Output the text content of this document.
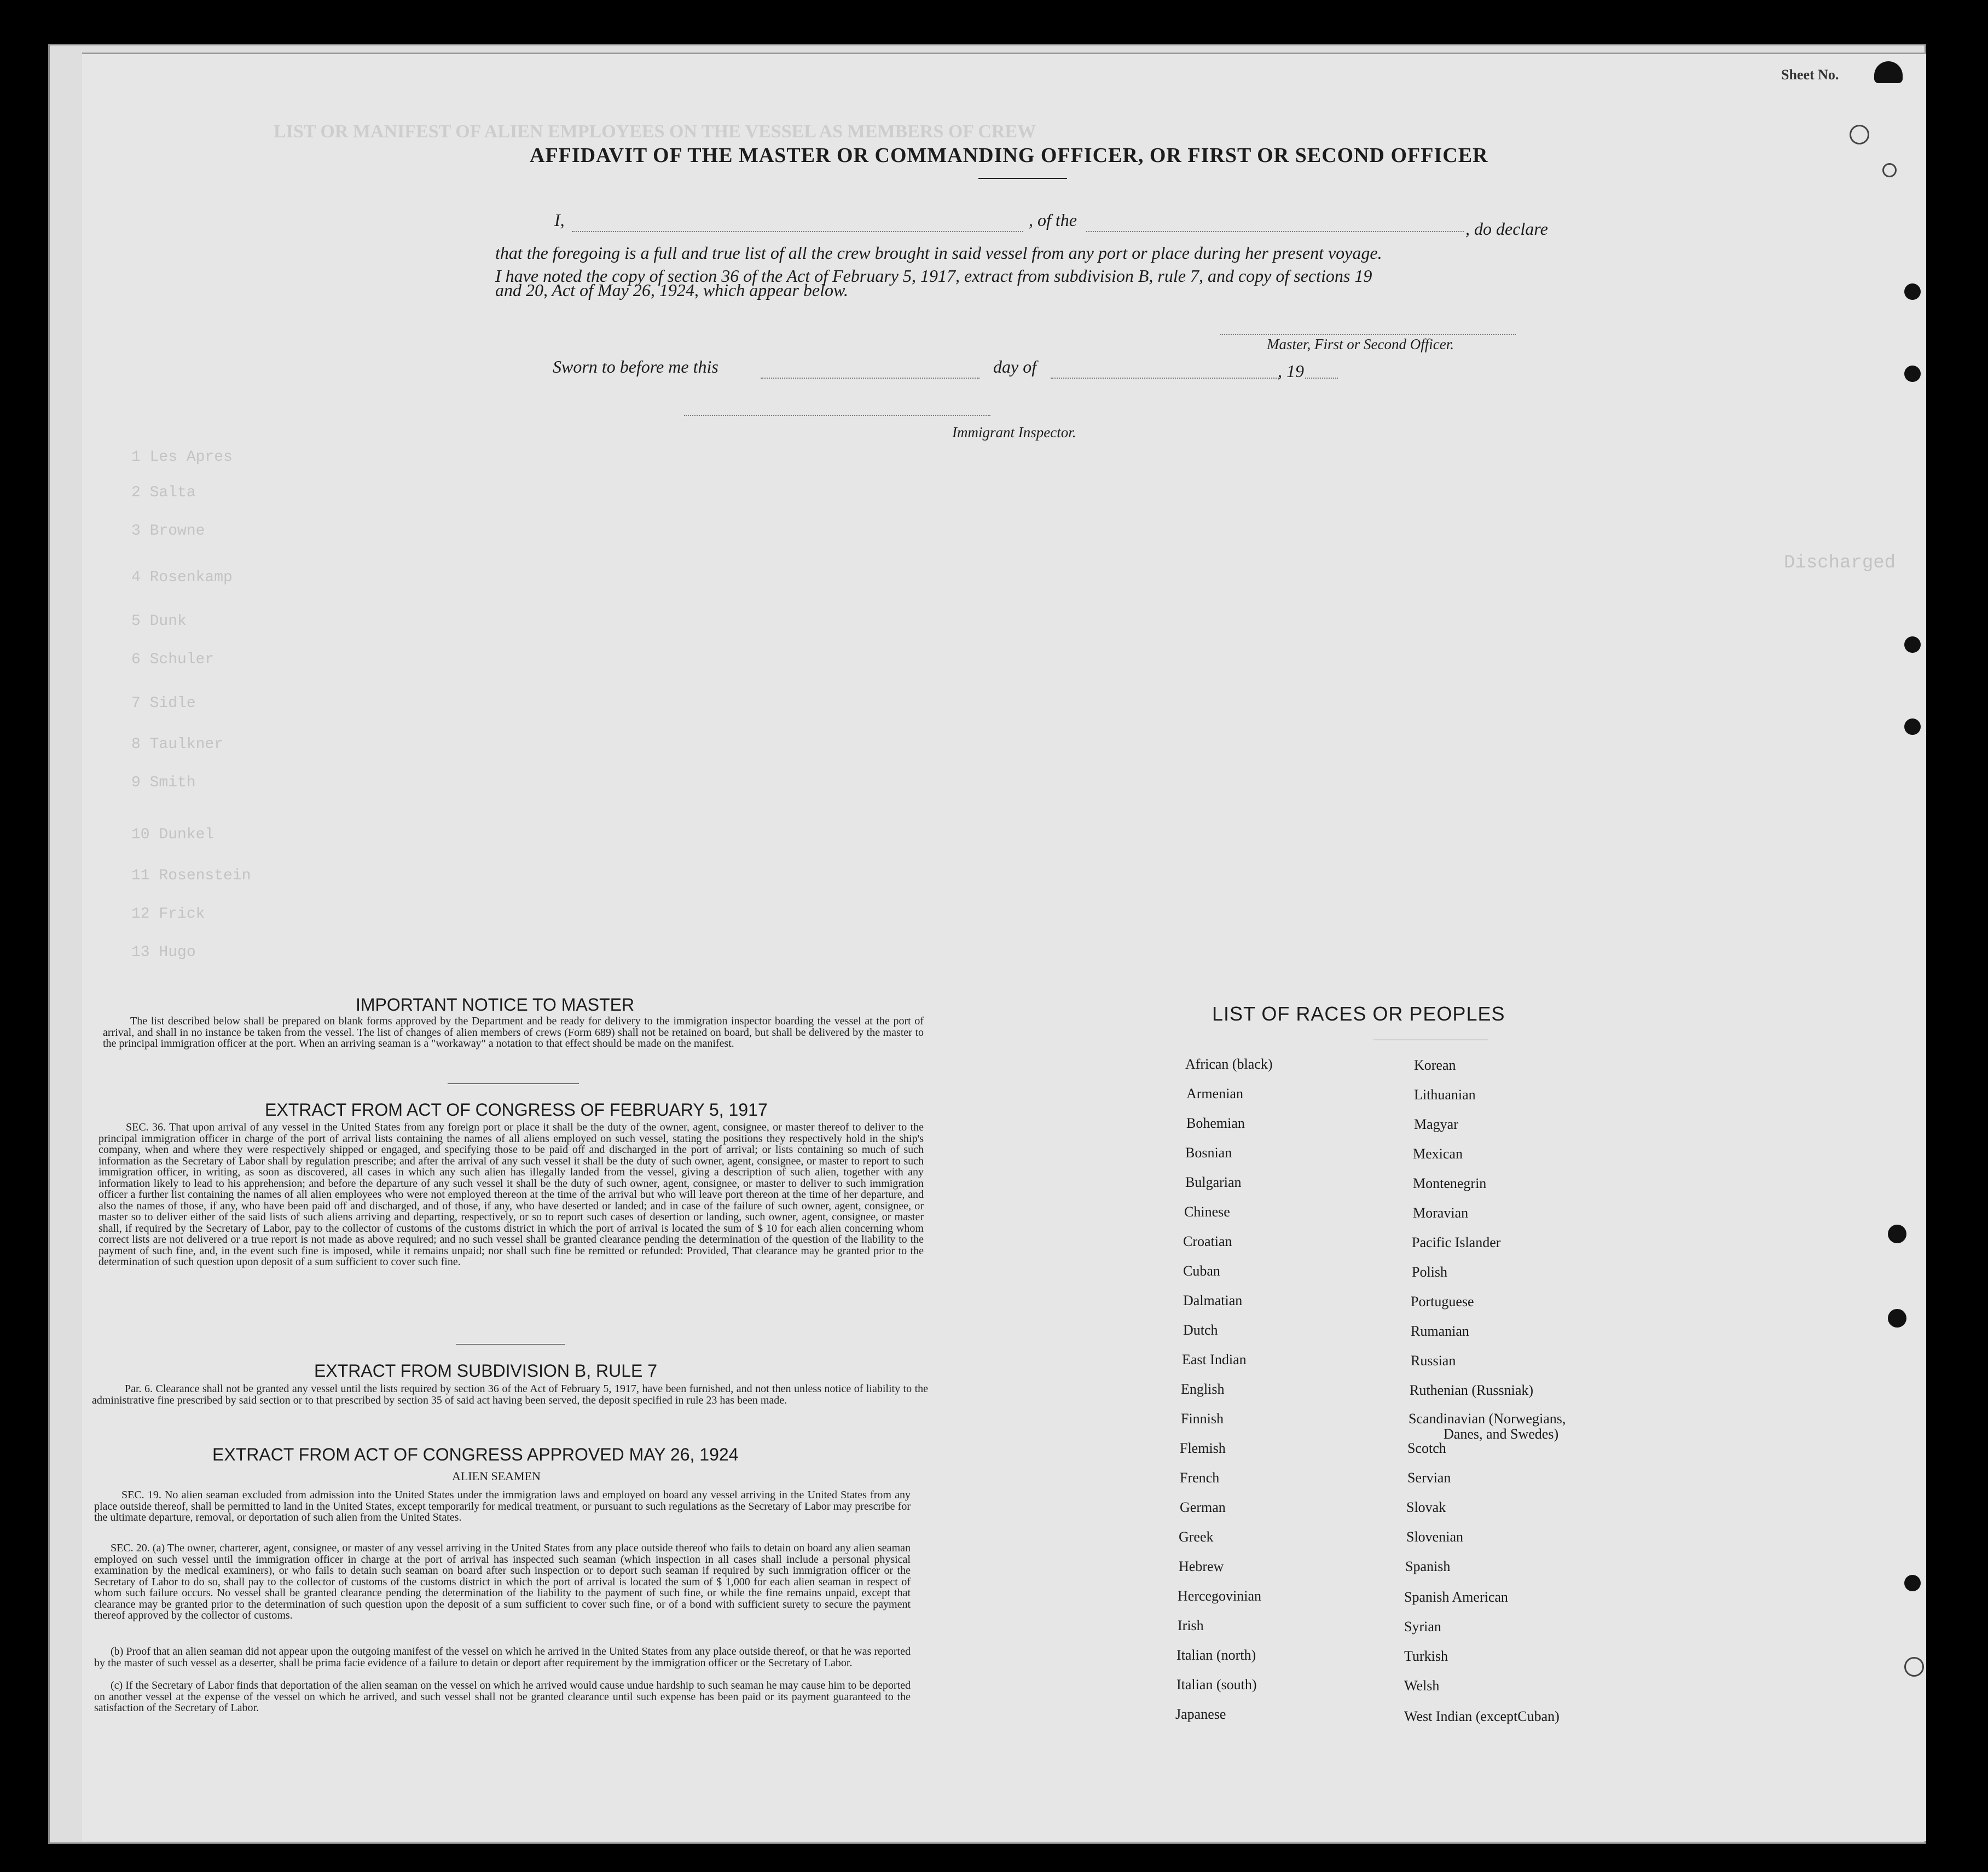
LIST OR MANIFEST OF ALIEN EMPLOYEES ON THE VESSEL AS MEMBERS OF CREW
Discharged
1 Les Apres
2 Salta
3 Browne
4 Rosenkamp
5 Dunk
6 Schuler
7 Sidle
8 Taulkner
9 Smith
10 Dunkel
11 Rosenstein
12 Frick
13 Hugo
Sheet No.
AFFIDAVIT OF THE MASTER OR COMMANDING OFFICER, OR FIRST OR SECOND OFFICER
I,	, of the	, do declare
that the foregoing is a full and true list of all the crew brought in said vessel from any port or place during her present voyage.
I have noted the copy of section 36 of the Act of February 5, 1917, extract from subdivision B, rule 7, and copy of sections 19
and 20, Act of May 26, 1924, which appear below.
Master, First or Second Officer.
Sworn to before me this	day of	, 19
Immigrant Inspector.
IMPORTANT NOTICE TO MASTER
The list described below shall be prepared on blank forms approved by the Department and be ready for delivery to the immigration inspector boarding the vessel at the port of arrival, and shall in no instance be taken from the vessel. The list of changes of alien members of crews (Form 689) shall not be retained on board, but shall be delivered by the master to the principal immigration officer at the port. When an arriving seaman is a "workaway" a notation to that effect should be made on the manifest.
EXTRACT FROM ACT OF CONGRESS OF FEBRUARY 5, 1917
SEC. 36. That upon arrival of any vessel in the United States from any foreign port or place it shall be the duty of the owner, agent, consignee, or master thereof to deliver to the principal immigration officer in charge of the port of arrival lists containing the names of all aliens employed on such vessel, stating the positions they respectively hold in the ship's company, when and where they were respectively shipped or engaged, and specifying those to be paid off and discharged in the port of arrival; or lists containing so much of such information as the Secretary of Labor shall by regulation prescribe; and after the arrival of any such vessel it shall be the duty of such owner, agent, consignee, or master to report to such immigration officer, in writing, as soon as discovered, all cases in which any such alien has illegally landed from the vessel, giving a description of such alien, together with any information likely to lead to his apprehension; and before the departure of any such vessel it shall be the duty of such owner, agent, consignee, or master to deliver to such immigration officer a further list containing the names of all alien employees who were not employed thereon at the time of the arrival but who will leave port thereon at the time of her departure, and also the names of those, if any, who have been paid off and discharged, and of those, if any, who have deserted or landed; and in case of the failure of such owner, agent, consignee, or master so to deliver either of the said lists of such aliens arriving and departing, respectively, or so to report such cases of desertion or landing, such owner, agent, consignee, or master shall, if required by the Secretary of Labor, pay to the collector of customs of the customs district in which the port of arrival is located the sum of $ 10 for each alien concerning whom correct lists are not delivered or a true report is not made as above required; and no such vessel shall be granted clearance pending the determination of the question of the liability to the payment of such fine, and, in the event such fine is imposed, while it remains unpaid; nor shall such fine be remitted or refunded: Provided, That clearance may be granted prior to the determination of such question upon deposit of a sum sufficient to cover such fine.
EXTRACT FROM SUBDIVISION B, RULE 7
Par. 6. Clearance shall not be granted any vessel until the lists required by section 36 of the Act of February 5, 1917, have been furnished, and not then unless notice of liability to the administrative fine prescribed by said section or to that prescribed by section 35 of said act having been served, the deposit specified in rule 23 has been made.
EXTRACT FROM ACT OF CONGRESS APPROVED MAY 26, 1924
ALIEN SEAMEN
SEC. 19. No alien seaman excluded from admission into the United States under the immigration laws and employed on board any vessel arriving in the United States from any place outside thereof, shall be permitted to land in the United States, except temporarily for medical treatment, or pursuant to such regulations as the Secretary of Labor may prescribe for the ultimate departure, removal, or deportation of such alien from the United States.
SEC. 20. (a) The owner, charterer, agent, consignee, or master of any vessel arriving in the United States from any place outside thereof who fails to detain on board any alien seaman employed on such vessel until the immigration officer in charge at the port of arrival has inspected such seaman (which inspection in all cases shall include a personal physical examination by the medical examiners), or who fails to detain such seaman on board after such inspection or to deport such seaman if required by such immigration officer or the Secretary of Labor to do so, shall pay to the collector of customs of the customs district in which the port of arrival is located the sum of $ 1,000 for each alien seaman in respect of whom such failure occurs. No vessel shall be granted clearance pending the determination of the liability to the payment of such fine, or while the fine remains unpaid, except that clearance may be granted prior to the determination of such question upon the deposit of a sum sufficient to cover such fine, or of a bond with sufficient surety to secure the payment thereof approved by the collector of customs.
(b) Proof that an alien seaman did not appear upon the outgoing manifest of the vessel on which he arrived in the United States from any place outside thereof, or that he was reported by the master of such vessel as a deserter, shall be prima facie evidence of a failure to detain or deport after requirement by the immigration officer or the Secretary of Labor.
(c) If the Secretary of Labor finds that deportation of the alien seaman on the vessel on which he arrived would cause undue hardship to such seaman he may cause him to be deported on another vessel at the expense of the vessel on which he arrived, and such vessel shall not be granted clearance until such expense has been paid or its payment guaranteed to the satisfaction of the Secretary of Labor.
LIST OF RACES OR PEOPLES
African (black)
Armenian
Bohemian
Bosnian
Bulgarian
Chinese
Croatian
Cuban
Dalmatian
Dutch
East Indian
English
Finnish
Flemish
French
German
Greek
Hebrew
Hercegovinian
Irish
Italian (north)
Italian (south)
Japanese
Korean
Lithuanian
Magyar
Mexican
Montenegrin
Moravian
Pacific Islander
Polish
Portuguese
Rumanian
Russian
Ruthenian (Russniak)
Scandinavian (Norwegians,
Danes, and Swedes)
Scotch
Servian
Slovak
Slovenian
Spanish
Spanish American
Syrian
Turkish
Welsh
West Indian (exceptCuban)
